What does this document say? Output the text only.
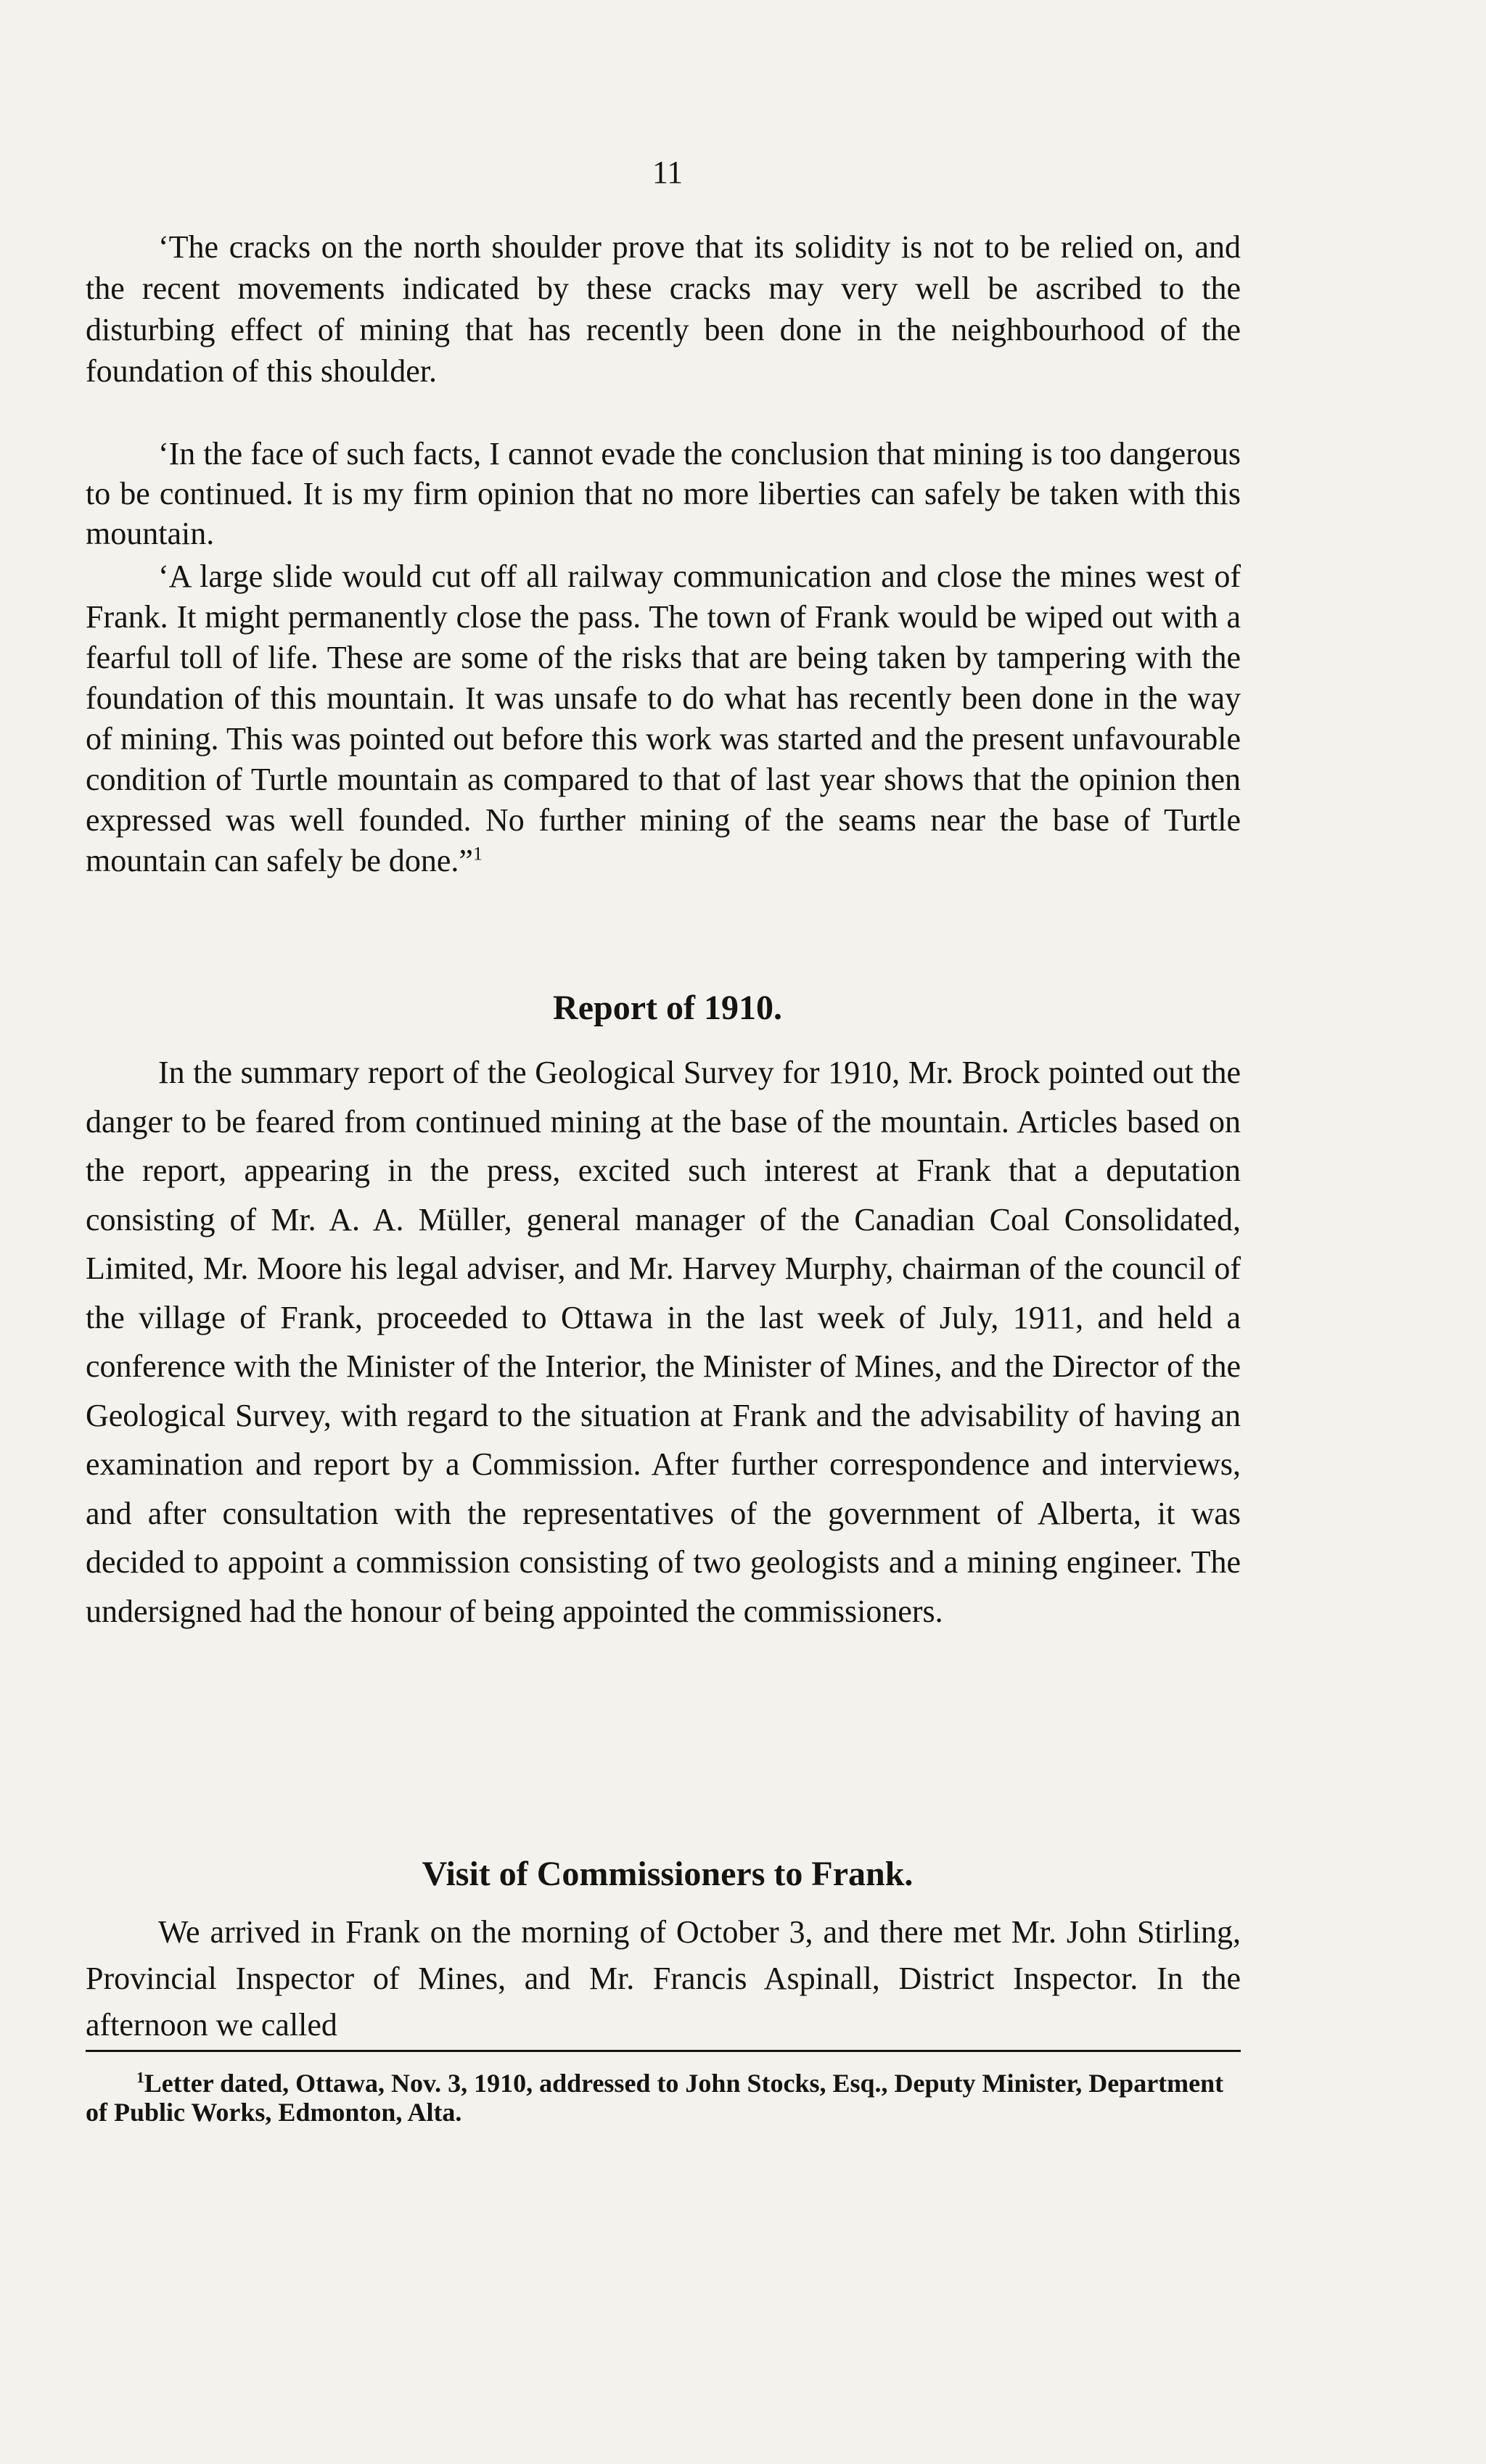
11

‘The cracks on the north shoulder prove that its solidity is not to be relied on, and the recent movements indicated by these cracks may very well be ascribed to the disturbing effect of mining that has recently been done in the neighbourhood of the foundation of this shoulder.

‘In the face of such facts, I cannot evade the conclusion that mining is too dangerous to be continued. It is my firm opinion that no more liberties can safely be taken with this mountain.

‘A large slide would cut off all railway communication and close the mines west of Frank. It might permanently close the pass. The town of Frank would be wiped out with a fearful toll of life. These are some of the risks that are being taken by tampering with the foundation of this mountain. It was unsafe to do what has recently been done in the way of mining. This was pointed out before this work was started and the present unfavourable condition of Turtle mountain as compared to that of last year shows that the opinion then expressed was well founded. No further mining of the seams near the base of Turtle mountain can safely be done.”$^1$

Report of 1910.

In the summary report of the Geological Survey for 1910, Mr. Brock pointed out the danger to be feared from continued mining at the base of the mountain. Articles based on the report, appearing in the press, excited such interest at Frank that a deputation consisting of Mr. A. A. Müller, general manager of the Canadian Coal Consolidated, Limited, Mr. Moore his legal adviser, and Mr. Harvey Murphy, chairman of the council of the village of Frank, proceeded to Ottawa in the last week of July, 1911, and held a conference with the Minister of the Interior, the Minister of Mines, and the Director of the Geological Survey, with regard to the situation at Frank and the advisability of having an examination and report by a Commission. After further correspondence and interviews, and after consultation with the representatives of the government of Alberta, it was decided to appoint a commission consisting of two geologists and a mining engineer. The undersigned had the honour of being appointed the commissioners.

Visit of Commissioners to Frank.

We arrived in Frank on the morning of October 3, and there met Mr. John Stirling, Provincial Inspector of Mines, and Mr. Francis Aspinall, District Inspector. In the afternoon we called

$^1$Letter dated, Ottawa, Nov. 3, 1910, addressed to John Stocks, Esq., Deputy Minister, Department of Public Works, Edmonton, Alta.
